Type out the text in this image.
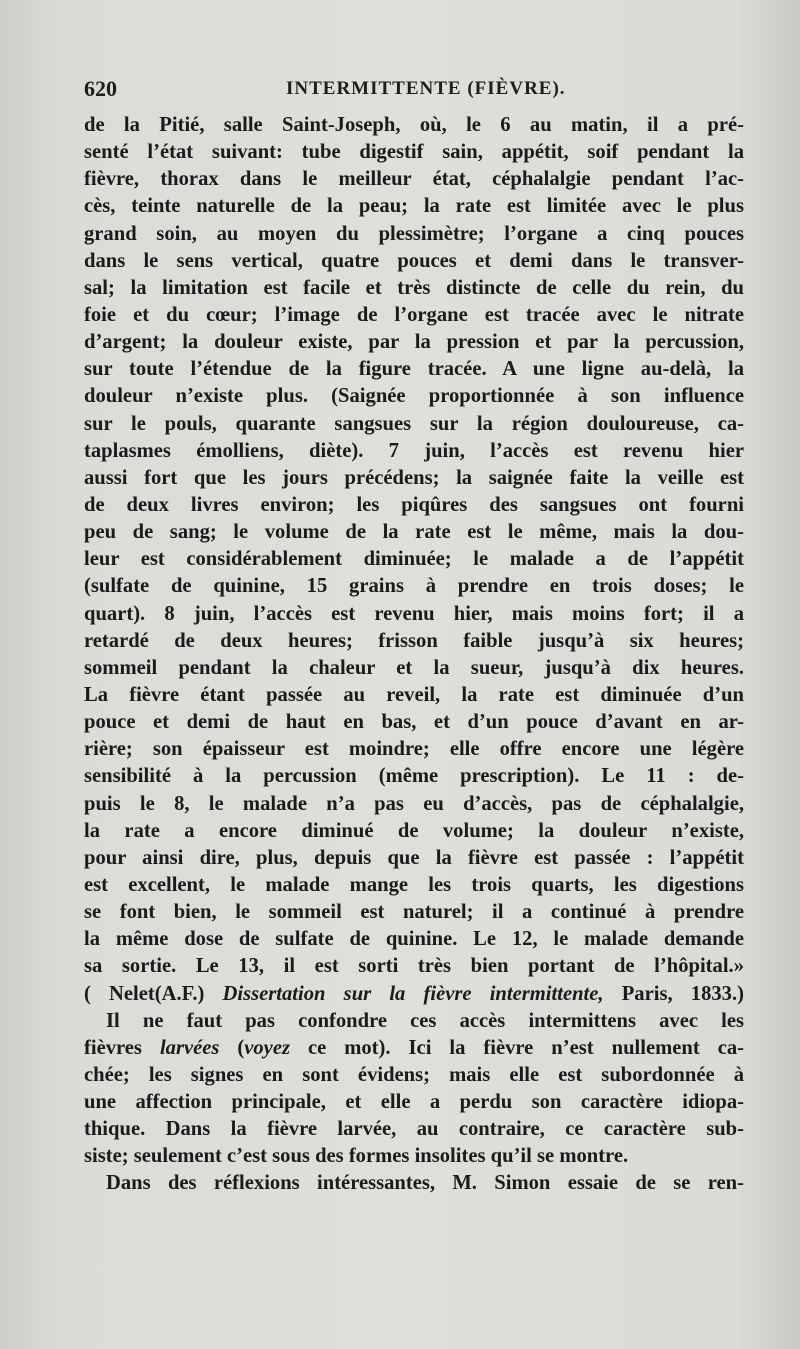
620	INTERMITTENTE (FIÈVRE).
de la Pitié, salle Saint-Joseph, où, le 6 au matin, il a pré-
senté l’état suivant: tube digestif sain, appétit, soif pendant la
fièvre, thorax dans le meilleur état, céphalalgie pendant l’ac-
cès, teinte naturelle de la peau; la rate est limitée avec le plus
grand soin, au moyen du plessimètre; l’organe a cinq pouces
dans le sens vertical, quatre pouces et demi dans le transver-
sal; la limitation est facile et très distincte de celle du rein, du
foie et du cœur; l’image de l’organe est tracée avec le nitrate
d’argent; la douleur existe, par la pression et par la percussion,
sur toute l’étendue de la figure tracée. A une ligne au-delà, la
douleur n’existe plus. (Saignée proportionnée à son influence
sur le pouls, quarante sangsues sur la région douloureuse, ca-
taplasmes émolliens, diète). 7 juin, l’accès est revenu hier
aussi fort que les jours précédens; la saignée faite la veille est
de deux livres environ; les piqûres des sangsues ont fourni
peu de sang; le volume de la rate est le même, mais la dou-
leur est considérablement diminuée; le malade a de l’appétit
(sulfate de quinine, 15 grains à prendre en trois doses; le
quart). 8 juin, l’accès est revenu hier, mais moins fort; il a
retardé de deux heures; frisson faible jusqu’à six heures;
sommeil pendant la chaleur et la sueur, jusqu’à dix heures.
La fièvre étant passée au reveil, la rate est diminuée d’un
pouce et demi de haut en bas, et d’un pouce d’avant en ar-
rière; son épaisseur est moindre; elle offre encore une légère
sensibilité à la percussion (même prescription). Le 11 : de-
puis le 8, le malade n’a pas eu d’accès, pas de céphalalgie,
la rate a encore diminué de volume; la douleur n’existe,
pour ainsi dire, plus, depuis que la fièvre est passée : l’appétit
est excellent, le malade mange les trois quarts, les digestions
se font bien, le sommeil est naturel; il a continué à prendre
la même dose de sulfate de quinine. Le 12, le malade demande
sa sortie. Le 13, il est sorti très bien portant de l’hôpital.»
( Nelet(A.F.) Dissertation sur la fièvre intermittente, Paris, 1833.)
Il ne faut pas confondre ces accès intermittens avec les
fièvres larvées (voyez ce mot). Ici la fièvre n’est nullement ca-
chée; les signes en sont évidens; mais elle est subordonnée à
une affection principale, et elle a perdu son caractère idiopa-
thique. Dans la fièvre larvée, au contraire, ce caractère sub-
siste; seulement c’est sous des formes insolites qu’il se montre.
Dans des réflexions intéressantes, M. Simon essaie de se ren-
